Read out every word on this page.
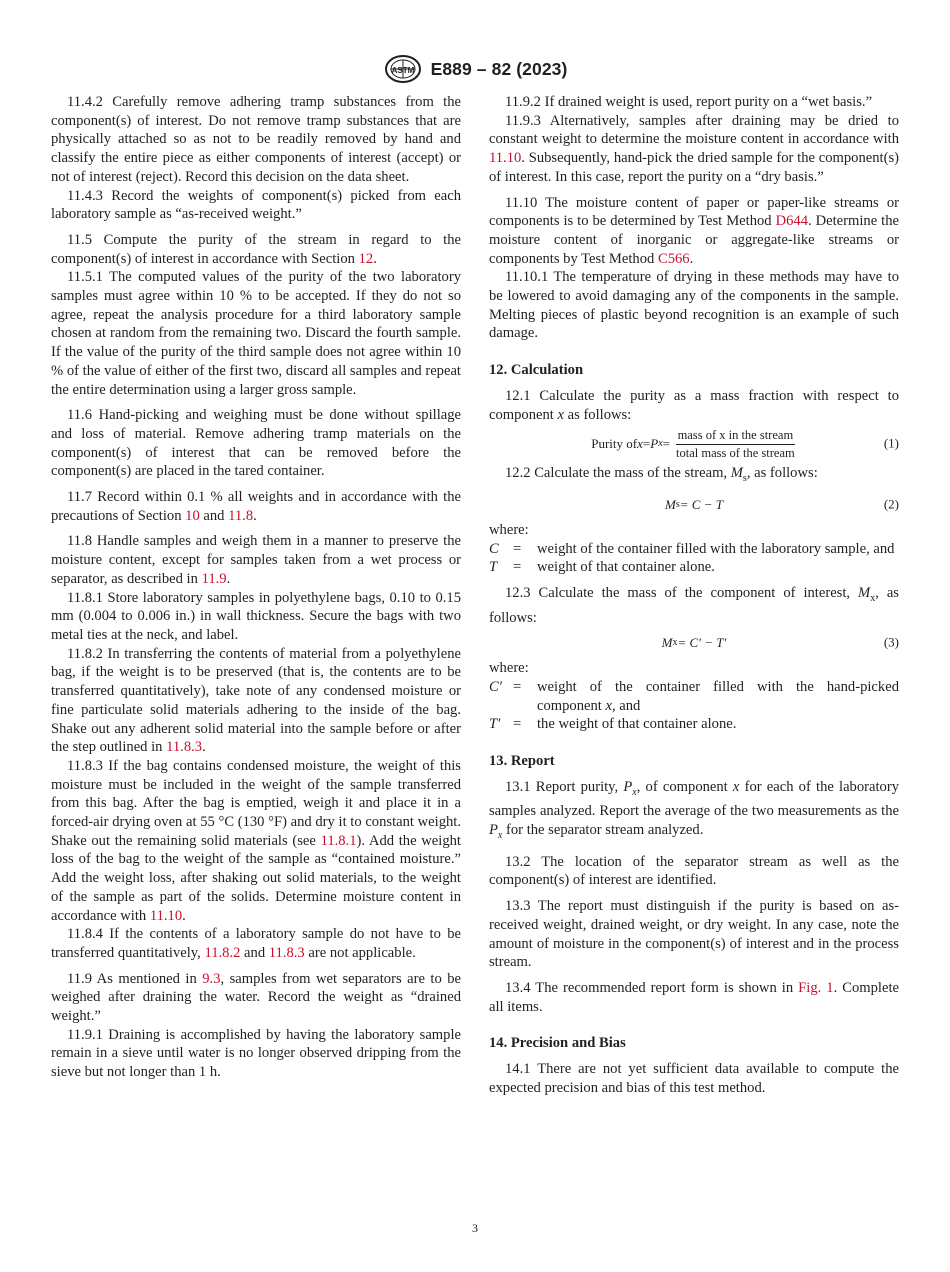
ASTM E889 – 82 (2023)

11.4.2 Carefully remove adhering tramp substances from the component(s) of interest. Do not remove tramp substances that are physically attached so as not to be readily removed by hand and classify the entire piece as either components of interest (accept) or not of interest (reject). Record this decision on the data sheet.

11.4.3 Record the weights of component(s) picked from each laboratory sample as “as-received weight.”

11.5 Compute the purity of the stream in regard to the component(s) of interest in accordance with Section 12.

11.5.1 The computed values of the purity of the two laboratory samples must agree within 10 % to be accepted. If they do not so agree, repeat the analysis procedure for a third laboratory sample chosen at random from the remaining two. Discard the fourth sample. If the value of the purity of the third sample does not agree within 10 % of the value of either of the first two, discard all samples and repeat the entire determination using a larger gross sample.

11.6 Hand-picking and weighing must be done without spillage and loss of material. Remove adhering tramp materials on the component(s) of interest that can be removed before the component(s) are placed in the tared container.

11.7 Record within 0.1 % all weights and in accordance with the precautions of Section 10 and 11.8.

11.8 Handle samples and weigh them in a manner to preserve the moisture content, except for samples taken from a wet process or separator, as described in 11.9.

11.8.1 Store laboratory samples in polyethylene bags, 0.10 to 0.15 mm (0.004 to 0.006 in.) in wall thickness. Secure the bags with two metal ties at the neck, and label.

11.8.2 In transferring the contents of material from a polyethylene bag, if the weight is to be preserved (that is, the contents are to be transferred quantitatively), take note of any condensed moisture or fine particulate solid materials adhering to the inside of the bag. Shake out any adherent solid material into the sample before or after the step outlined in 11.8.3.

11.8.3 If the bag contains condensed moisture, the weight of this moisture must be included in the weight of the sample transferred from this bag. After the bag is emptied, weigh it and place it in a forced-air drying oven at 55 °C (130 °F) and dry it to constant weight. Shake out the remaining solid materials (see 11.8.1). Add the weight loss of the bag to the weight of the sample as “contained moisture.” Add the weight loss, after shaking out solid materials, to the weight of the sample as part of the solids. Determine moisture content in accordance with 11.10.

11.8.4 If the contents of a laboratory sample do not have to be transferred quantitatively, 11.8.2 and 11.8.3 are not applicable.

11.9 As mentioned in 9.3, samples from wet separators are to be weighed after draining the water. Record the weight as “drained weight.”

11.9.1 Draining is accomplished by having the laboratory sample remain in a sieve until water is no longer observed dripping from the sieve but not longer than 1 h.

11.9.2 If drained weight is used, report purity on a “wet basis.”

11.9.3 Alternatively, samples after draining may be dried to constant weight to determine the moisture content in accordance with 11.10. Subsequently, hand-pick the dried sample for the component(s) of interest. In this case, report the purity on a “dry basis.”

11.10 The moisture content of paper or paper-like streams or components is to be determined by Test Method D644. Determine the moisture content of inorganic or aggregate-like streams or components by Test Method C566.

11.10.1 The temperature of drying in these methods may have to be lowered to avoid damaging any of the components in the sample. Melting pieces of plastic beyond recognition is an example of such damage.

12. Calculation

12.1 Calculate the purity as a mass fraction with respect to component x as follows:

Purity of x = P $x = \frac{\text{mass of x in the stream}}{\text{total mass of the stream}}$	(1)

12.2 Calculate the mass of the stream, $M_s$, as follows:

M s = C − T	(2)

where:

C =	weight of the container filled with the laboratory sample, and
T	=	weight of that container alone.

12.3 Calculate the mass of the component of interest, $M_x$, as follows:

M x = C′ − T′	(3)

where:

C′ =	weight of the container filled with the hand-picked component x, and
T′ =	the weight of that container alone.

13. Report

13.1 Report purity, $P_x$, of component x for each of the laboratory samples analyzed. Report the average of the two measurements as the $P_x$ for the separator stream analyzed.

13.2 The location of the separator stream as well as the component(s) of interest are identified.

13.3 The report must distinguish if the purity is based on as-received weight, drained weight, or dry weight. In any case, note the amount of moisture in the component(s) of interest and in the process stream.

13.4 The recommended report form is shown in Fig. 1. Complete all items.

14. Precision and Bias

14.1 There are not yet sufficient data available to compute the expected precision and bias of this test method.

3
